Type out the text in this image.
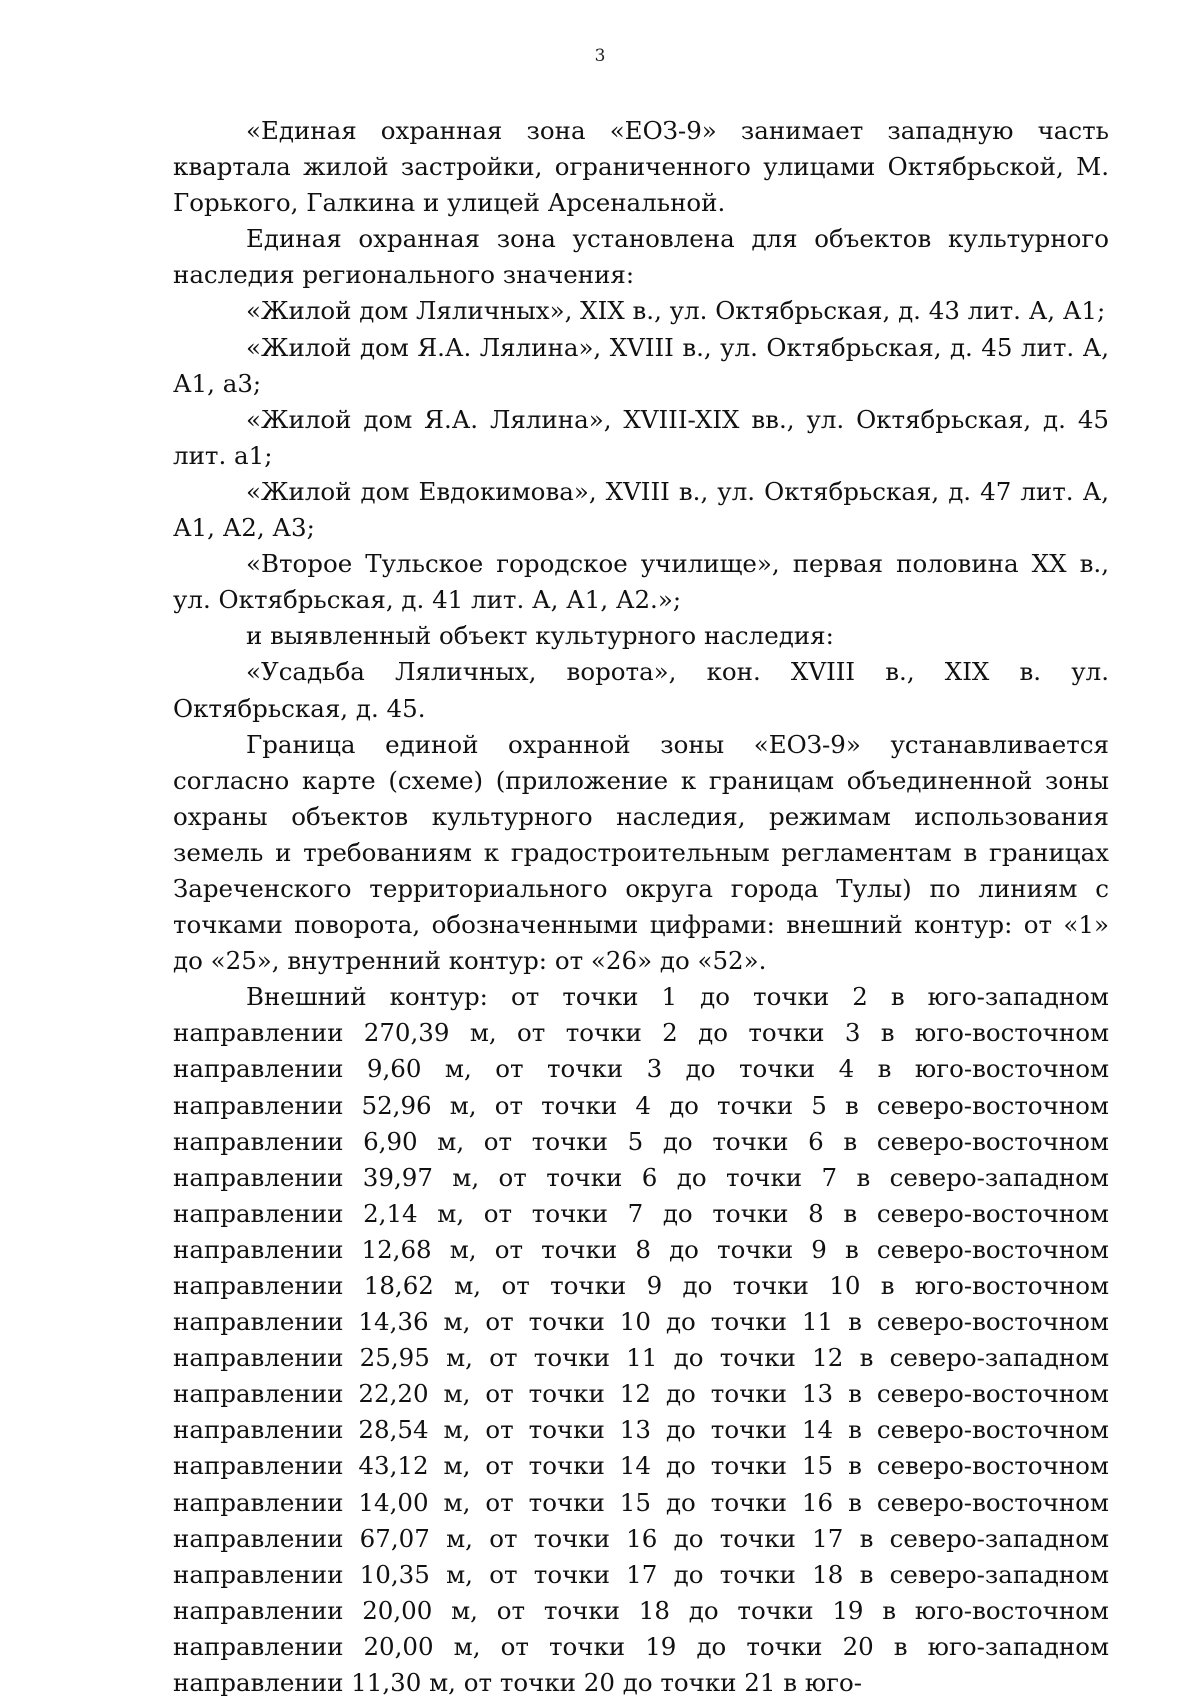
3

«Единая охранная зона «ЕОЗ-9» занимает западную часть квартала жилой застройки, ограниченного улицами Октябрьской, М. Горького, Галкина и улицей Арсенальной.

Единая охранная зона установлена для объектов культурного наследия регионального значения:

«Жилой дом Ляличных», XIX в., ул. Октябрьская, д. 43 лит. А, А1;

«Жилой дом Я.А. Лялина», XVIII в., ул. Октябрьская, д. 45 лит. А, А1, а3;

«Жилой дом Я.А. Лялина», XVIII-XIX вв., ул. Октябрьская, д. 45 лит. а1;

«Жилой дом Евдокимова», XVIII в., ул. Октябрьская, д. 47 лит. А, А1, А2, А3;

«Второе Тульское городское училище», первая половина XX в., ул. Октябрьская, д. 41 лит. А, А1, А2.»;

и выявленный объект культурного наследия:

«Усадьба Ляличных, ворота», кон. XVIII в., XIX в. ул. Октябрьская, д. 45.

Граница единой охранной зоны «ЕОЗ-9» устанавливается согласно карте (схеме) (приложение к границам объединенной зоны охраны объектов культурного наследия, режимам использования земель и требованиям к градостроительным регламентам в границах Зареченского территориального округа города Тулы) по линиям с точками поворота, обозначенными цифрами: внешний контур: от «1» до «25», внутренний контур: от «26» до «52».

Внешний контур: от точки 1 до точки 2 в юго-западном направлении 270,39 м, от точки 2 до точки 3 в юго-восточном направлении 9,60 м, от точки 3 до точки 4 в юго-восточном направлении 52,96 м, от точки 4 до точки 5 в северо-восточном направлении 6,90 м, от точки 5 до точки 6 в северо-восточном направлении 39,97 м, от точки 6 до точки 7 в северо-западном направлении 2,14 м, от точки 7 до точки 8 в северо-восточном направлении 12,68 м, от точки 8 до точки 9 в северо-восточном направлении 18,62 м, от точки 9 до точки 10 в юго-восточном направлении 14,36 м, от точки 10 до точки 11 в северо-восточном направлении 25,95 м, от точки 11 до точки 12 в северо-западном направлении 22,20 м, от точки 12 до точки 13 в северо-восточном направлении 28,54 м, от точки 13 до точки 14 в северо-восточном направлении 43,12 м, от точки 14 до точки 15 в северо-восточном направлении 14,00 м, от точки 15 до точки 16 в северо-восточном направлении 67,07 м, от точки 16 до точки 17 в северо-западном направлении 10,35 м, от точки 17 до точки 18 в северо-западном направлении 20,00 м, от точки 18 до точки 19 в юго-восточном направлении 20,00 м, от точки 19 до точки 20 в юго-западном направлении 11,30 м, от точки 20 до точки 21 в юго-
